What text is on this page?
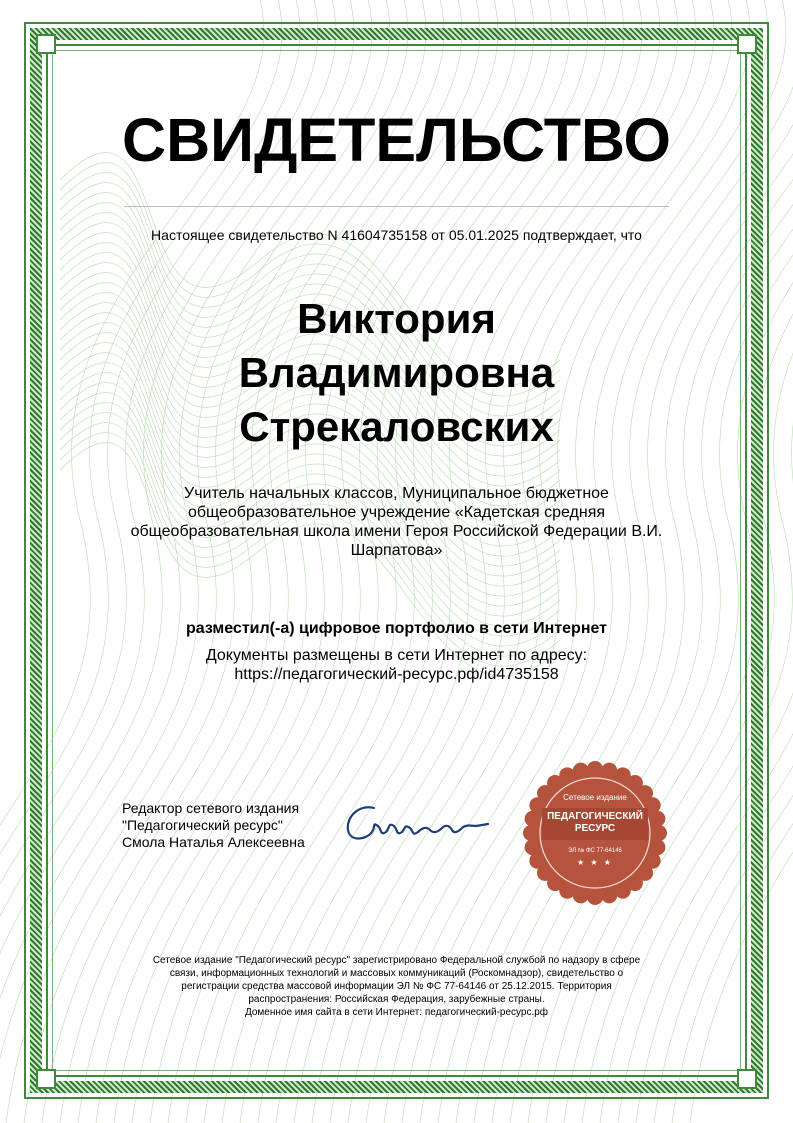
СВИДЕТЕЛЬСТВО
Настоящее свидетельство N 41604735158 от 05.01.2025 подтверждает, что
Виктория
Владимировна
Стрекаловских
Учитель начальных классов, Муниципальное бюджетное общеобразовательное учреждение «Кадетская средняя общеобразовательная школа имени Героя Российской Федерации В.И. Шарпатова»
разместил(-а) цифровое портфолио в сети Интернет
Документы размещены в сети Интернет по адресу:
https://педагогический-ресурс.рф/id4735158
Редактор сетевого издания
"Педагогический ресурс"
Смола Наталья Алексеевна
Сетевое издание
ПЕДАГОГИЧЕСКИЙ
РЕСУРС
ЭЛ № ФС 77-64146
★ ★ ★
Сетевое издание "Педагогический ресурс" зарегистрировано Федеральной службой по надзору в сфере
связи, информационных технологий и массовых коммуникаций (Роскомнадзор), свидетельство о
регистрации средства массовой информации ЭЛ № ФС 77-64146 от 25.12.2015. Территория
распространения: Российская Федерация, зарубежные страны.
Доменное имя сайта в сети Интернет: педагогический-ресурс.рф
